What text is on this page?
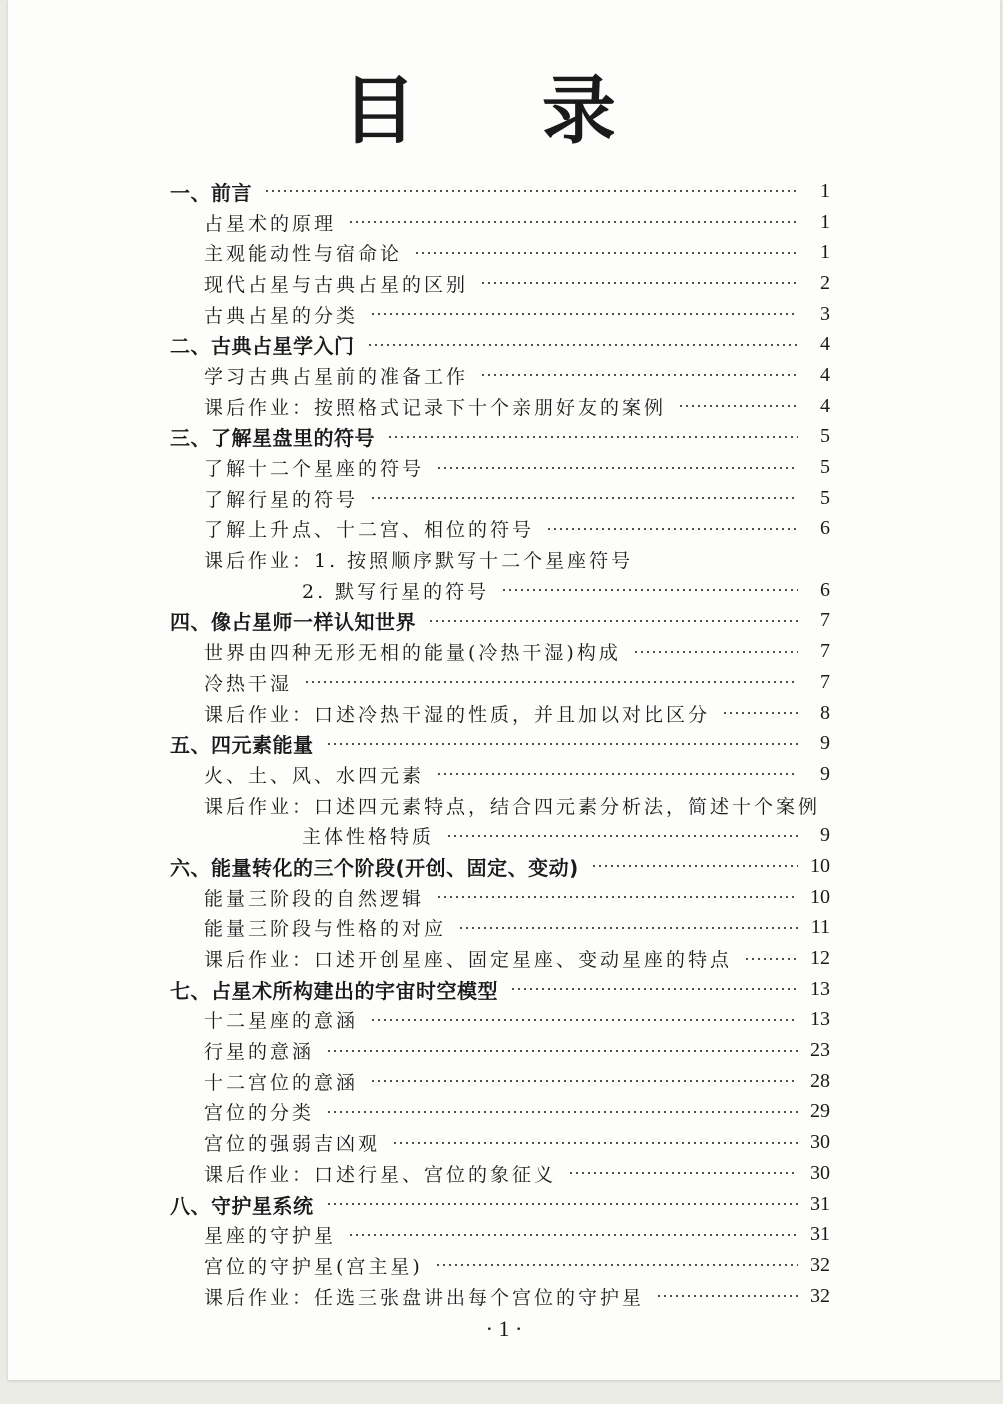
目 录
一、前言	1
占星术的原理	1
主观能动性与宿命论	1
现代占星与古典占星的区别	2
古典占星的分类	3
二、古典占星学入门	4
学习古典占星前的准备工作	4
课后作业：按照格式记录下十个亲朋好友的案例	4
三、了解星盘里的符号	5
了解十二个星座的符号	5
了解行星的符号	5
了解上升点、十二宫、相位的符号	6
课后作业：1. 按照顺序默写十二个星座符号
2. 默写行星的符号	6
四、像占星师一样认知世界	7
世界由四种无形无相的能量(冷热干湿)构成	7
冷热干湿	7
课后作业：口述冷热干湿的性质，并且加以对比区分	8
五、四元素能量	9
火、土、风、水四元素	9
课后作业：口述四元素特点，结合四元素分析法，简述十个案例
主体性格特质	9
六、能量转化的三个阶段(开创、固定、变动)	10
能量三阶段的自然逻辑	10
能量三阶段与性格的对应	11
课后作业：口述开创星座、固定星座、变动星座的特点	12
七、占星术所构建出的宇宙时空模型	13
十二星座的意涵	13
行星的意涵	23
十二宫位的意涵	28
宫位的分类	29
宫位的强弱吉凶观	30
课后作业：口述行星、宫位的象征义	30
八、守护星系统	31
星座的守护星	31
宫位的守护星(宫主星)	32
课后作业：任选三张盘讲出每个宫位的守护星	32
· 1 ·
